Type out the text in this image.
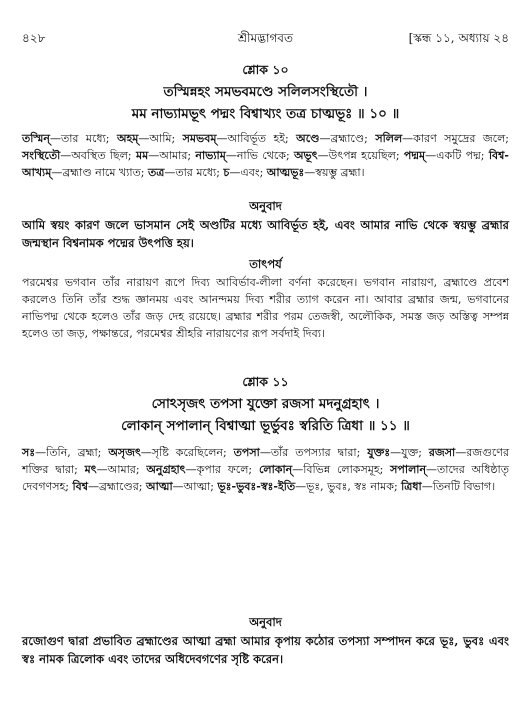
৪২৮	শ্রীমদ্ভাগবত	[স্কন্ধ ১১, অধ্যায় ২৪
শ্লোক ১০
তস্মিন্নহং সমভবমণ্ডে সলিলসংস্থিতৌ ।
মম নাভ্যামভূৎ পদ্মং বিশ্বাখ্যং তত্র চাত্মভূঃ ॥ ১০ ॥
তস্মিন্—তার মধ্যে; অহম্—আমি; সমভবম্—আবির্ভূত হই; অণ্ডে—ব্রহ্মাণ্ডে; সলিল—কারণ সমুদ্রের জলে; সংস্থিতৌ—অবস্থিত ছিল; মম—আমার; নাভ্যাম্—নাভি থেকে; অভূৎ—উৎপন্ন হয়েছিল; পদ্মম্—একটি পদ্ম; বিশ্ব-আখ্যম্—ব্রহ্মাণ্ড নামে খ্যাত; তত্র—তার মধ্যে; চ—এবং; আত্মভূঃ—স্বয়ম্ভু ব্রহ্মা।
অনুবাদ
আমি স্বয়ং কারণ জলে ভাসমান সেই অণ্ডটির মধ্যে আবির্ভূত হই, এবং আমার নাভি থেকে স্বয়ম্ভু ব্রহ্মার জন্মস্থান বিশ্বনামক পদ্মের উৎপত্তি হয়।
তাৎপর্য
পরমেশ্বর ভগবান তাঁর নারায়ণ রূপে দিব্য আবির্ভাব-লীলা বর্ণনা করেছেন। ভগবান নারায়ণ, ব্রহ্মাণ্ডে প্রবেশ করলেও তিনি তাঁর শুদ্ধ জ্ঞানময় এবং আনন্দময় দিব্য শরীর ত্যাগ করেন না। আবার ব্রহ্মার জন্ম, ভগবানের নাভিপদ্ম থেকে হলেও তাঁর জড় দেহ রয়েছে। ব্রহ্মার শরীর পরম তেজস্বী, অলৌকিক, সমস্ত জড় অস্তিত্ব সম্পন্ন হলেও তা জড়, পক্ষান্তরে, পরমেশ্বর শ্রীহরি নারায়ণের রূপ সর্বদাই দিব্য।
শ্লোক ১১
সোঽসৃজৎ তপসা যুক্তো রজসা মদনুগ্রহাৎ ।
লোকান্ সপালান্ বিশ্বাত্মা ভূর্ভুবঃ স্বরিতি ত্রিধা ॥ ১১ ॥
সঃ—তিনি, ব্রহ্মা; অসৃজৎ—সৃষ্টি করেছিলেন; তপসা—তাঁর তপস্যার দ্বারা; যুক্তঃ—যুক্ত; রজসা—রজগুণের শক্তির দ্বারা; মৎ—আমার; অনুগ্রহাৎ—কৃপার ফলে; লোকান্—বিভিন্ন লোকসমূহ; সপালান্—তাদের অধিষ্ঠাতৃ দেবগণসহ; বিশ্ব—ব্রহ্মাণ্ডের; আত্মা—আত্মা; ভূঃ-ভুবঃ-স্বঃ-ইতি—ভূঃ, ভুবঃ, স্বঃ নামক; ত্রিধা—তিনটি বিভাগ।
অনুবাদ
রজোগুণ দ্বারা প্রভাবিত ব্রহ্মাণ্ডের আত্মা ব্রহ্মা আমার কৃপায় কঠোর তপস্যা সম্পাদন করে ভূঃ, ভুবঃ এবং স্বঃ নামক ত্রিলোক এবং তাদের অধিদেবগণের সৃষ্টি করেন।
